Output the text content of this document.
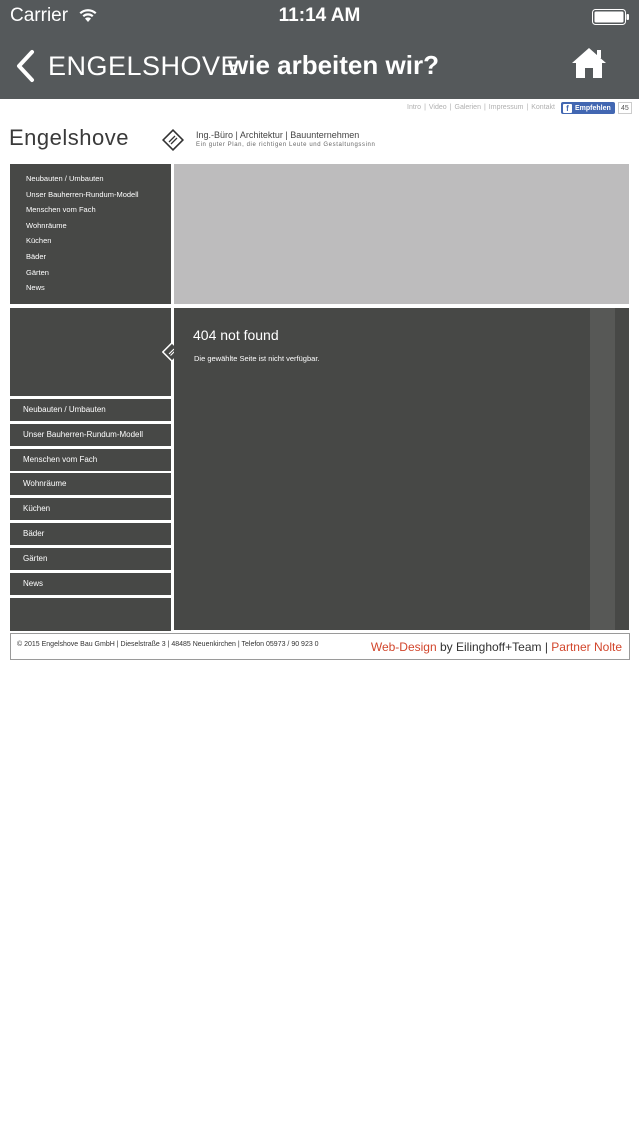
Carrier	11:14 AM
ENGELSHOVE
wie arbeiten wir?
Intro | Video | Galerien | Impressum | Kontakt	f Empfehlen	45
Engelshove	Ing.-Büro | Architektur | Bauunternehmen
Ein guter Plan, die richtigen Leute und Gestaltungssinn
Neubauten / Umbauten
Unser Bauherren-Rundum-Modell
Menschen vom Fach
Wohnräume
Küchen
Bäder
Gärten
News
Neubauten / Umbauten
Unser Bauherren-Rundum-Modell
Menschen vom Fach
Wohnräume
Küchen
Bäder
Gärten
News
404 not found
Die gewählte Seite ist nicht verfügbar.
© 2015 Engelshove Bau GmbH | Dieselstraße 3 | 48485 Neuenkirchen | Telefon 05973 / 90 923 0	Web-Design by Eilinghoff+Team | Partner Nolte
